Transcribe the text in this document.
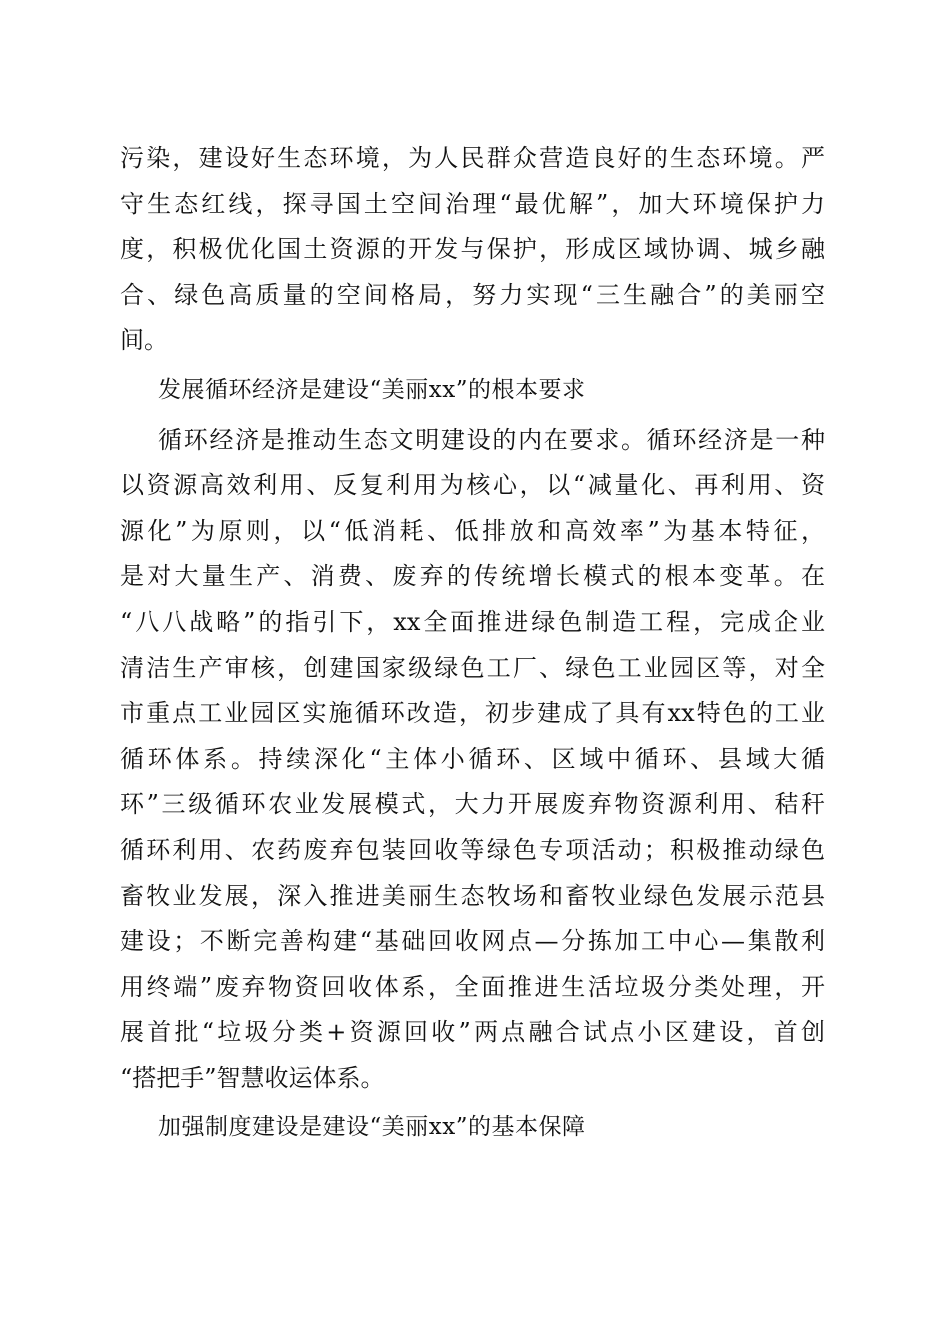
污染，建设好生态环境，为人民群众营造良好的生态环境。严
守生态红线，探寻国土空间治理“最优解”，加大环境保护力
度，积极优化国土资源的开发与保护，形成区域协调、城乡融
合、绿色高质量的空间格局，努力实现“三生融合”的美丽空
间。
发展循环经济是建设“美丽xx”的根本要求
循环经济是推动生态文明建设的内在要求。循环经济是一种
以资源高效利用、反复利用为核心，以“减量化、再利用、资
源化”为原则，以“低消耗、低排放和高效率”为基本特征，
是对大量生产、消费、废弃的传统增长模式的根本变革。在
“八八战略”的指引下，xx全面推进绿色制造工程，完成企业
清洁生产审核，创建国家级绿色工厂、绿色工业园区等，对全
市重点工业园区实施循环改造，初步建成了具有xx特色的工业
循环体系。持续深化“主体小循环、区域中循环、县域大循
环”三级循环农业发展模式，大力开展废弃物资源利用、秸秆
循环利用、农药废弃包装回收等绿色专项活动；积极推动绿色
畜牧业发展，深入推进美丽生态牧场和畜牧业绿色发展示范县
建设；不断完善构建“基础回收网点—分拣加工中心—集散利
用终端”废弃物资回收体系，全面推进生活垃圾分类处理，开
展首批“垃圾分类+资源回收”两点融合试点小区建设，首创
“搭把手”智慧收运体系。
加强制度建设是建设“美丽xx”的基本保障
